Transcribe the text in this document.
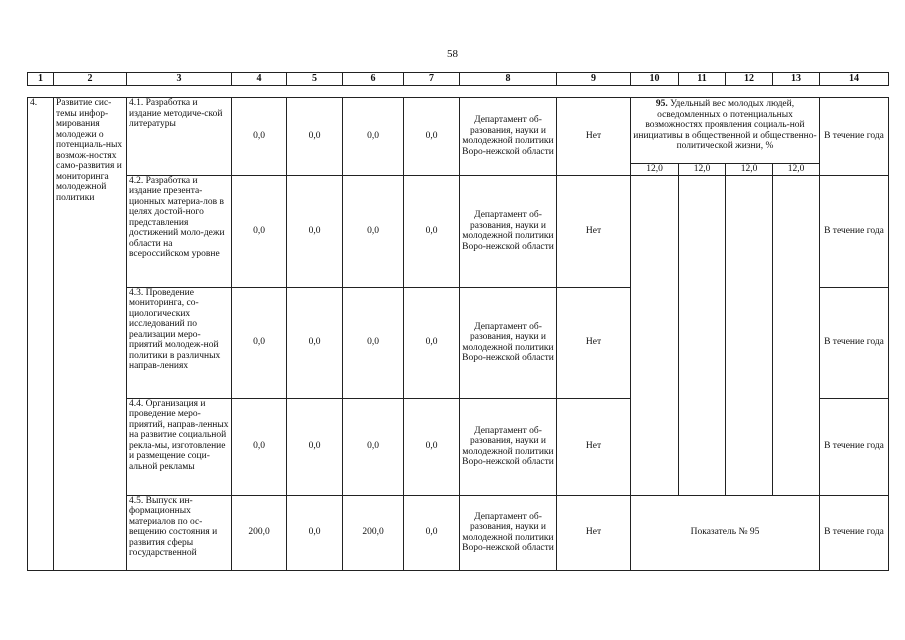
58
1	2	3	4	5	6	7	8	9	10	11	12	13	14
4.	Развитие сис-темы инфор-мирования молодежи о потенциаль-ных возмож-ностях само-развития и мониторинга молодежной политики	4.1. Разработка и издание методиче-ской литературы	0,0	0,0	0,0	0,0	Департамент об-разования, науки и молодежной политики Воро-нежской области	Нет	95. Удельный вес молодых людей, осведомленных о потенциальных возможностях проявления социаль-ной инициативы в общественной и общественно-политической жизни, %				В течение года
									12,0	12,0	12,0	12,0	
		4.2. Разработка и издание презента-ционных материа-лов в целях достой-ного представления достижений моло-дежи области на всероссийском уровне	0,0	0,0	0,0	0,0	Департамент об-разования, науки и молодежной политики Воро-нежской области	Нет					В течение года
		4.3. Проведение мониторинга, со-циологических исследований по реализации меро-приятий молодеж-ной политики в различных направ-лениях	0,0	0,0	0,0	0,0	Департамент об-разования, науки и молодежной политики Воро-нежской области	Нет					В течение года
		4.4. Организация и проведение меро-приятий, направ-ленных на развитие социальной рекла-мы, изготовление и размещение соци-альной рекламы	0,0	0,0	0,0	0,0	Департамент об-разования, науки и молодежной политики Воро-нежской области	Нет					В течение года
		4.5. Выпуск ин-формационных материалов по ос-вещению состояния и развития сферы государственной	200,0	0,0	200,0	0,0	Департамент об-разования, науки и молодежной политики Воро-нежской области	Нет	Показатель № 95				В течение года
